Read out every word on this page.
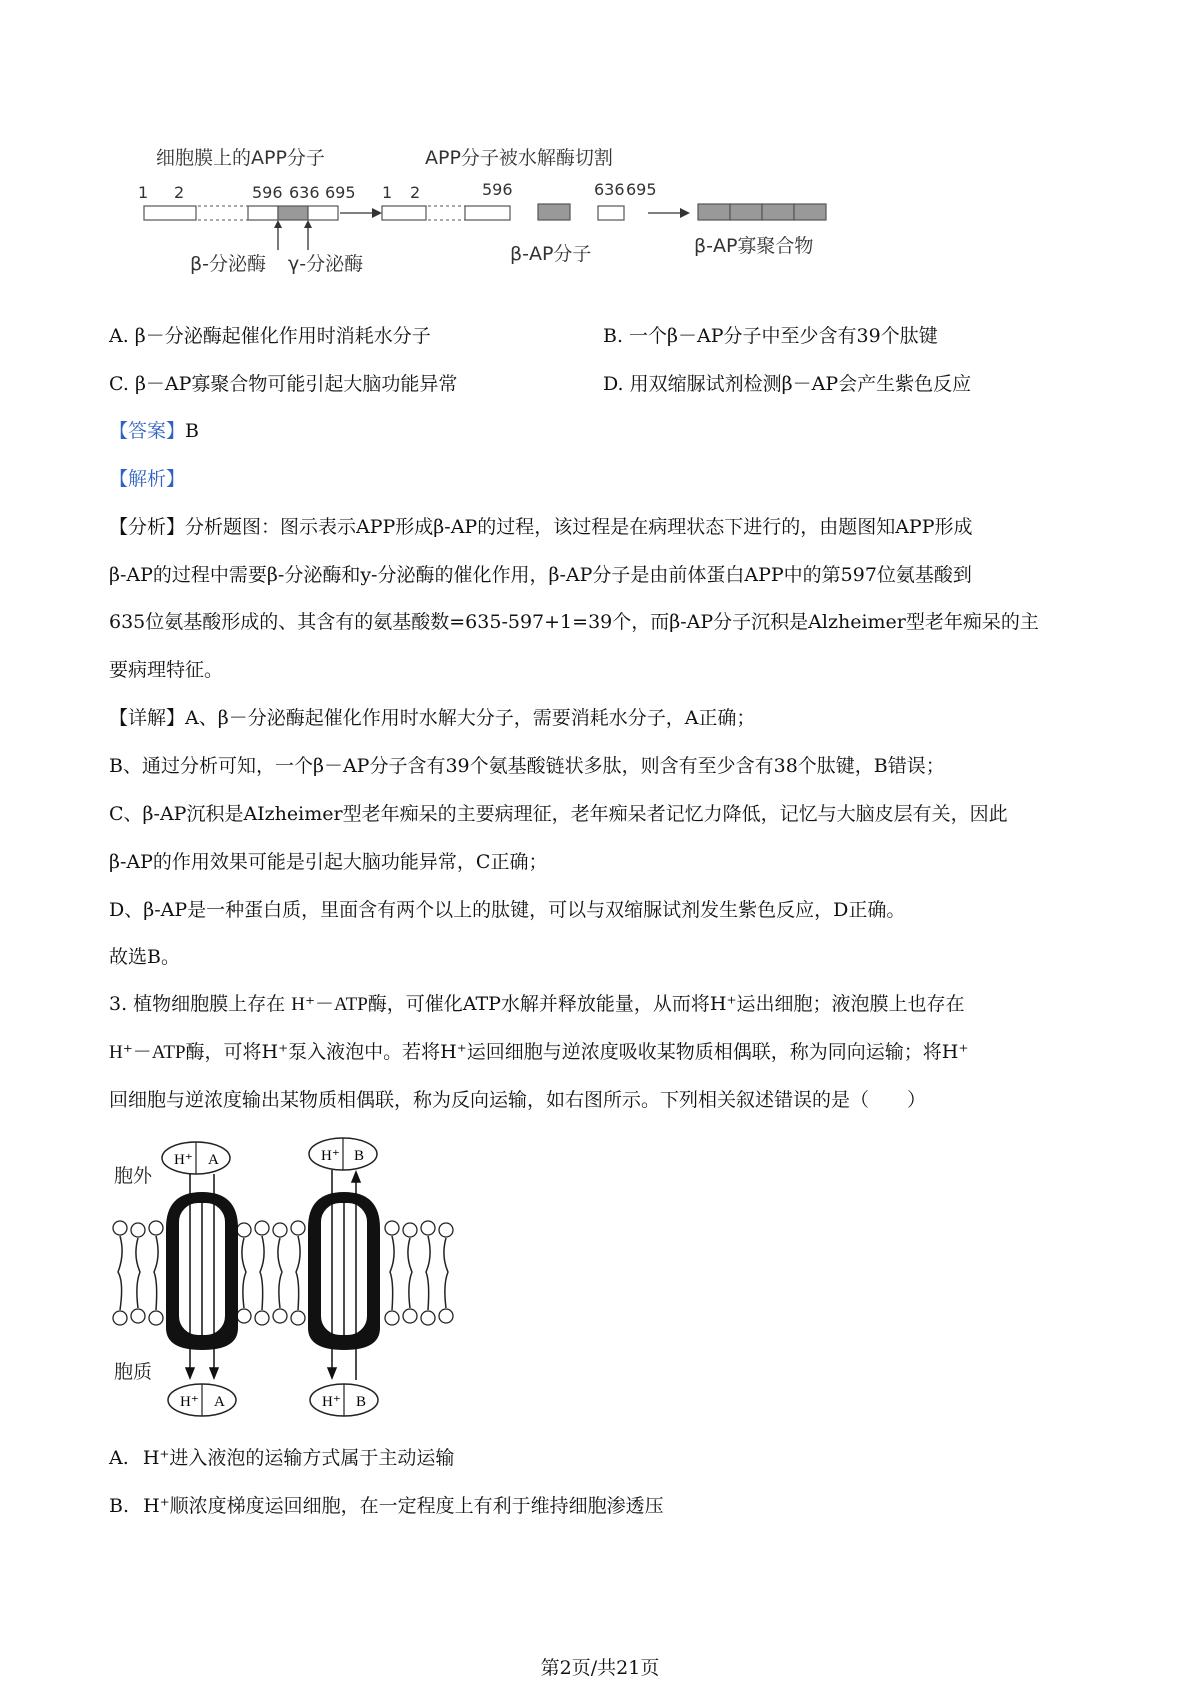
细胞膜上的APP分子	APP分子被水解酶切割
1 2	596 636 695
β-分泌酶 γ-分泌酶
1 2	596	636 695
β-AP分子	β-AP寡聚合物
A. β－分泌酶起催化作用时消耗水分子	B. 一个β－AP分子中至少含有39个肽键
C. β－AP寡聚合物可能引起大脑功能异常	D. 用双缩脲试剂检测β－AP会产生紫色反应
【答案】B
【解析】
【分析】分析题图：图示表示APP形成β-AP的过程，该过程是在病理状态下进行的，由题图知APP形成
β-AP的过程中需要β-分泌酶和y-分泌酶的催化作用，β-AP分子是由前体蛋白APP中的第597位氨基酸到
635位氨基酸形成的、其含有的氨基酸数=635-597+1=39个，而β-AP分子沉积是Alzheimer型老年痴呆的主
要病理特征。
【详解】A、β－分泌酶起催化作用时水解大分子，需要消耗水分子，A正确；
B、通过分析可知，一个β－AP分子含有39个氨基酸链状多肽，则含有至少含有38个肽键，B错误；
C、β-AP沉积是AIzheimer型老年痴呆的主要病理征，老年痴呆者记忆力降低，记忆与大脑皮层有关，因此
β-AP的作用效果可能是引起大脑功能异常，C正确；
D、β-AP是一种蛋白质，里面含有两个以上的肽键，可以与双缩脲试剂发生紫色反应，D正确。
故选B。
3. 植物细胞膜上存在 H⁺－ATP酶，可催化ATP水解并释放能量，从而将H⁺运出细胞；液泡膜上也存在
H⁺－ATP酶，可将H⁺泵入液泡中。若将H⁺运回细胞与逆浓度吸收某物质相偶联，称为同向运输；将H⁺
回细胞与逆浓度输出某物质相偶联，称为反向运输，如右图所示。下列相关叙述错误的是（　　）
胞外
胞质
H⁺ A	H⁺ B
H⁺ A	H⁺ B
A. H⁺进入液泡的运输方式属于主动运输
B. H⁺顺浓度梯度运回细胞，在一定程度上有利于维持细胞渗透压
第2页/共21页
